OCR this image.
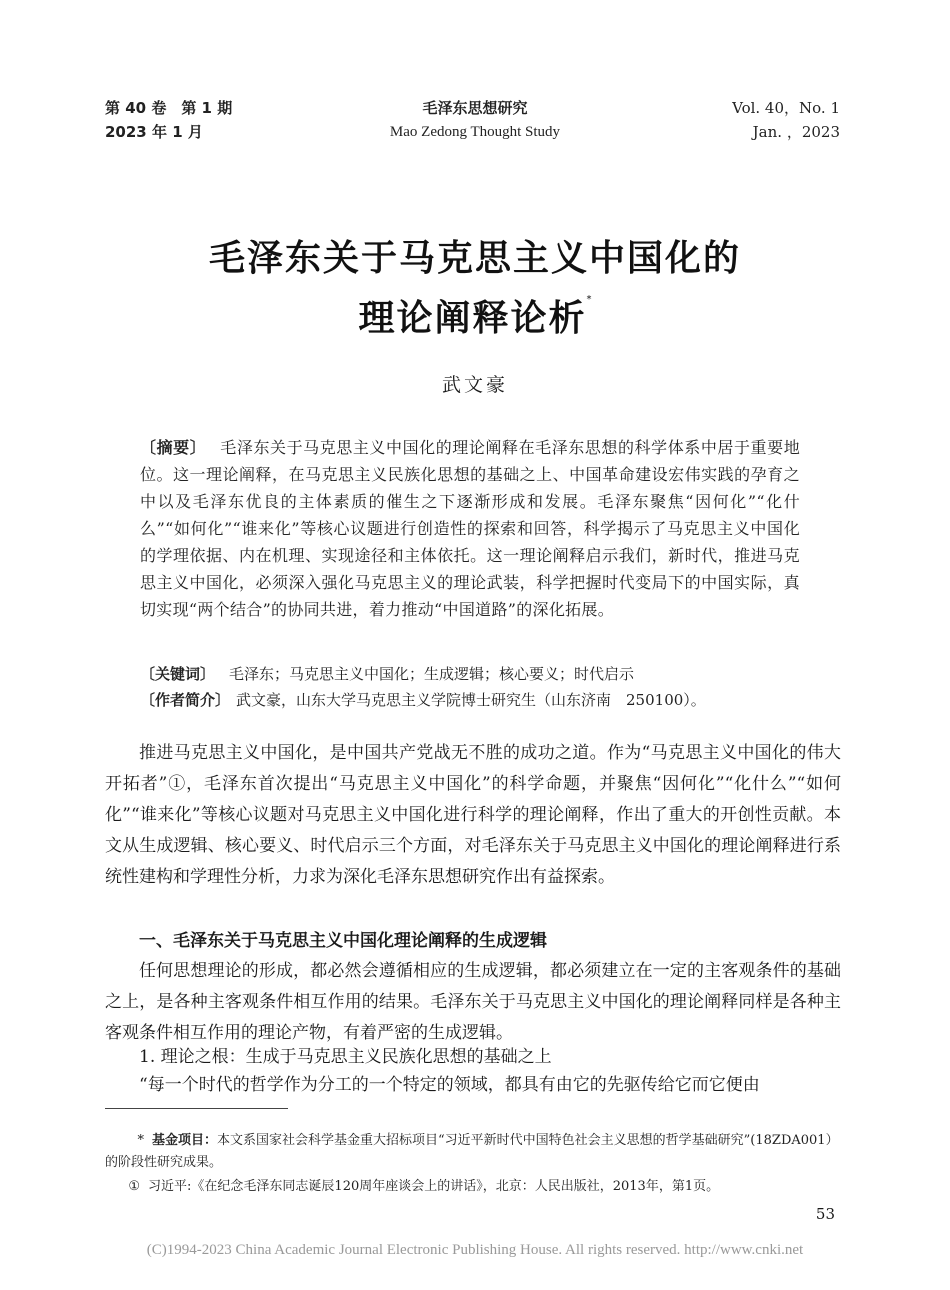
第 40 卷　第 1 期
2023 年 1 月
毛泽东思想研究
Mao Zedong Thought Study
Vol. 40，No. 1
Jan. ，2023
毛泽东关于马克思主义中国化的
理论阐释论析*
武文豪
〔摘要〕 毛泽东关于马克思主义中国化的理论阐释在毛泽东思想的科学体系中居于重要地位。这一理论阐释，在马克思主义民族化思想的基础之上、中国革命建设宏伟实践的孕育之中以及毛泽东优良的主体素质的催生之下逐渐形成和发展。毛泽东聚焦“因何化”“化什么”“如何化”“谁来化”等核心议题进行创造性的探索和回答，科学揭示了马克思主义中国化的学理依据、内在机理、实现途径和主体依托。这一理论阐释启示我们，新时代，推进马克思主义中国化，必须深入强化马克思主义的理论武装，科学把握时代变局下的中国实际，真切实现“两个结合”的协同共进，着力推动“中国道路”的深化拓展。
〔关键词〕 毛泽东；马克思主义中国化；生成逻辑；核心要义；时代启示
〔作者简介〕 武文豪，山东大学马克思主义学院博士研究生（山东济南　250100）。
推进马克思主义中国化，是中国共产党战无不胜的成功之道。作为“马克思主义中国化的伟大开拓者”①，毛泽东首次提出“马克思主义中国化”的科学命题，并聚焦“因何化”“化什么”“如何化”“谁来化”等核心议题对马克思主义中国化进行科学的理论阐释，作出了重大的开创性贡献。本文从生成逻辑、核心要义、时代启示三个方面，对毛泽东关于马克思主义中国化的理论阐释进行系统性建构和学理性分析，力求为深化毛泽东思想研究作出有益探索。
一、毛泽东关于马克思主义中国化理论阐释的生成逻辑
任何思想理论的形成，都必然会遵循相应的生成逻辑，都必须建立在一定的主客观条件的基础之上，是各种主客观条件相互作用的结果。毛泽东关于马克思主义中国化的理论阐释同样是各种主客观条件相互作用的理论产物，有着严密的生成逻辑。
1. 理论之根：生成于马克思主义民族化思想的基础之上
“每一个时代的哲学作为分工的一个特定的领域，都具有由它的先驱传给它而它便由
* 基金项目：本文系国家社会科学基金重大招标项目“习近平新时代中国特色社会主义思想的哲学基础研究”(18ZDA001）的阶段性研究成果。
① 习近平:《在纪念毛泽东同志诞辰120周年座谈会上的讲话》，北京：人民出版社，2013年，第1页。
53
(C)1994-2023 China Academic Journal Electronic Publishing House. All rights reserved. http://www.cnki.net
